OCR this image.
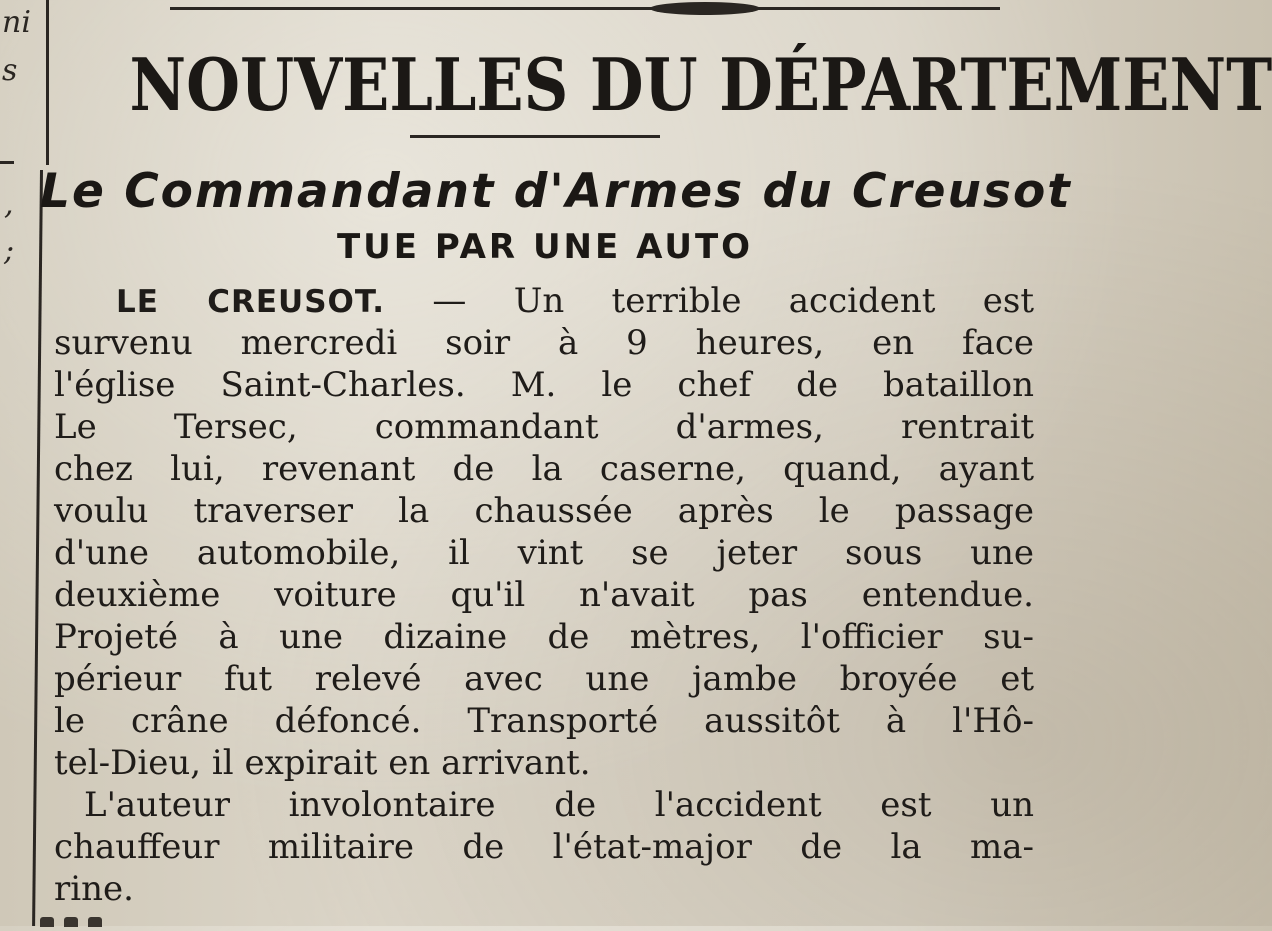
ni
s
,
;
NOUVELLES DU DÉPARTEMENT
Le Commandant d'Armes du Creusot
TUE PAR UNE AUTO
LE CREUSOT. — Un terrible accident est
survenu mercredi soir à 9 heures, en face
l'église Saint-Charles. M. le chef de bataillon
Le Tersec, commandant d'armes, rentrait
chez lui, revenant de la caserne, quand, ayant
voulu traverser la chaussée après le passage
d'une automobile, il vint se jeter sous une
deuxième voiture qu'il n'avait pas entendue.
Projeté à une dizaine de mètres, l'officier su-
périeur fut relevé avec une jambe broyée et
le crâne défoncé. Transporté aussitôt à l'Hô-
tel-Dieu, il expirait en arrivant.
L'auteur involontaire de l'accident est un
chauffeur militaire de l'état-major de la ma-
rine.
